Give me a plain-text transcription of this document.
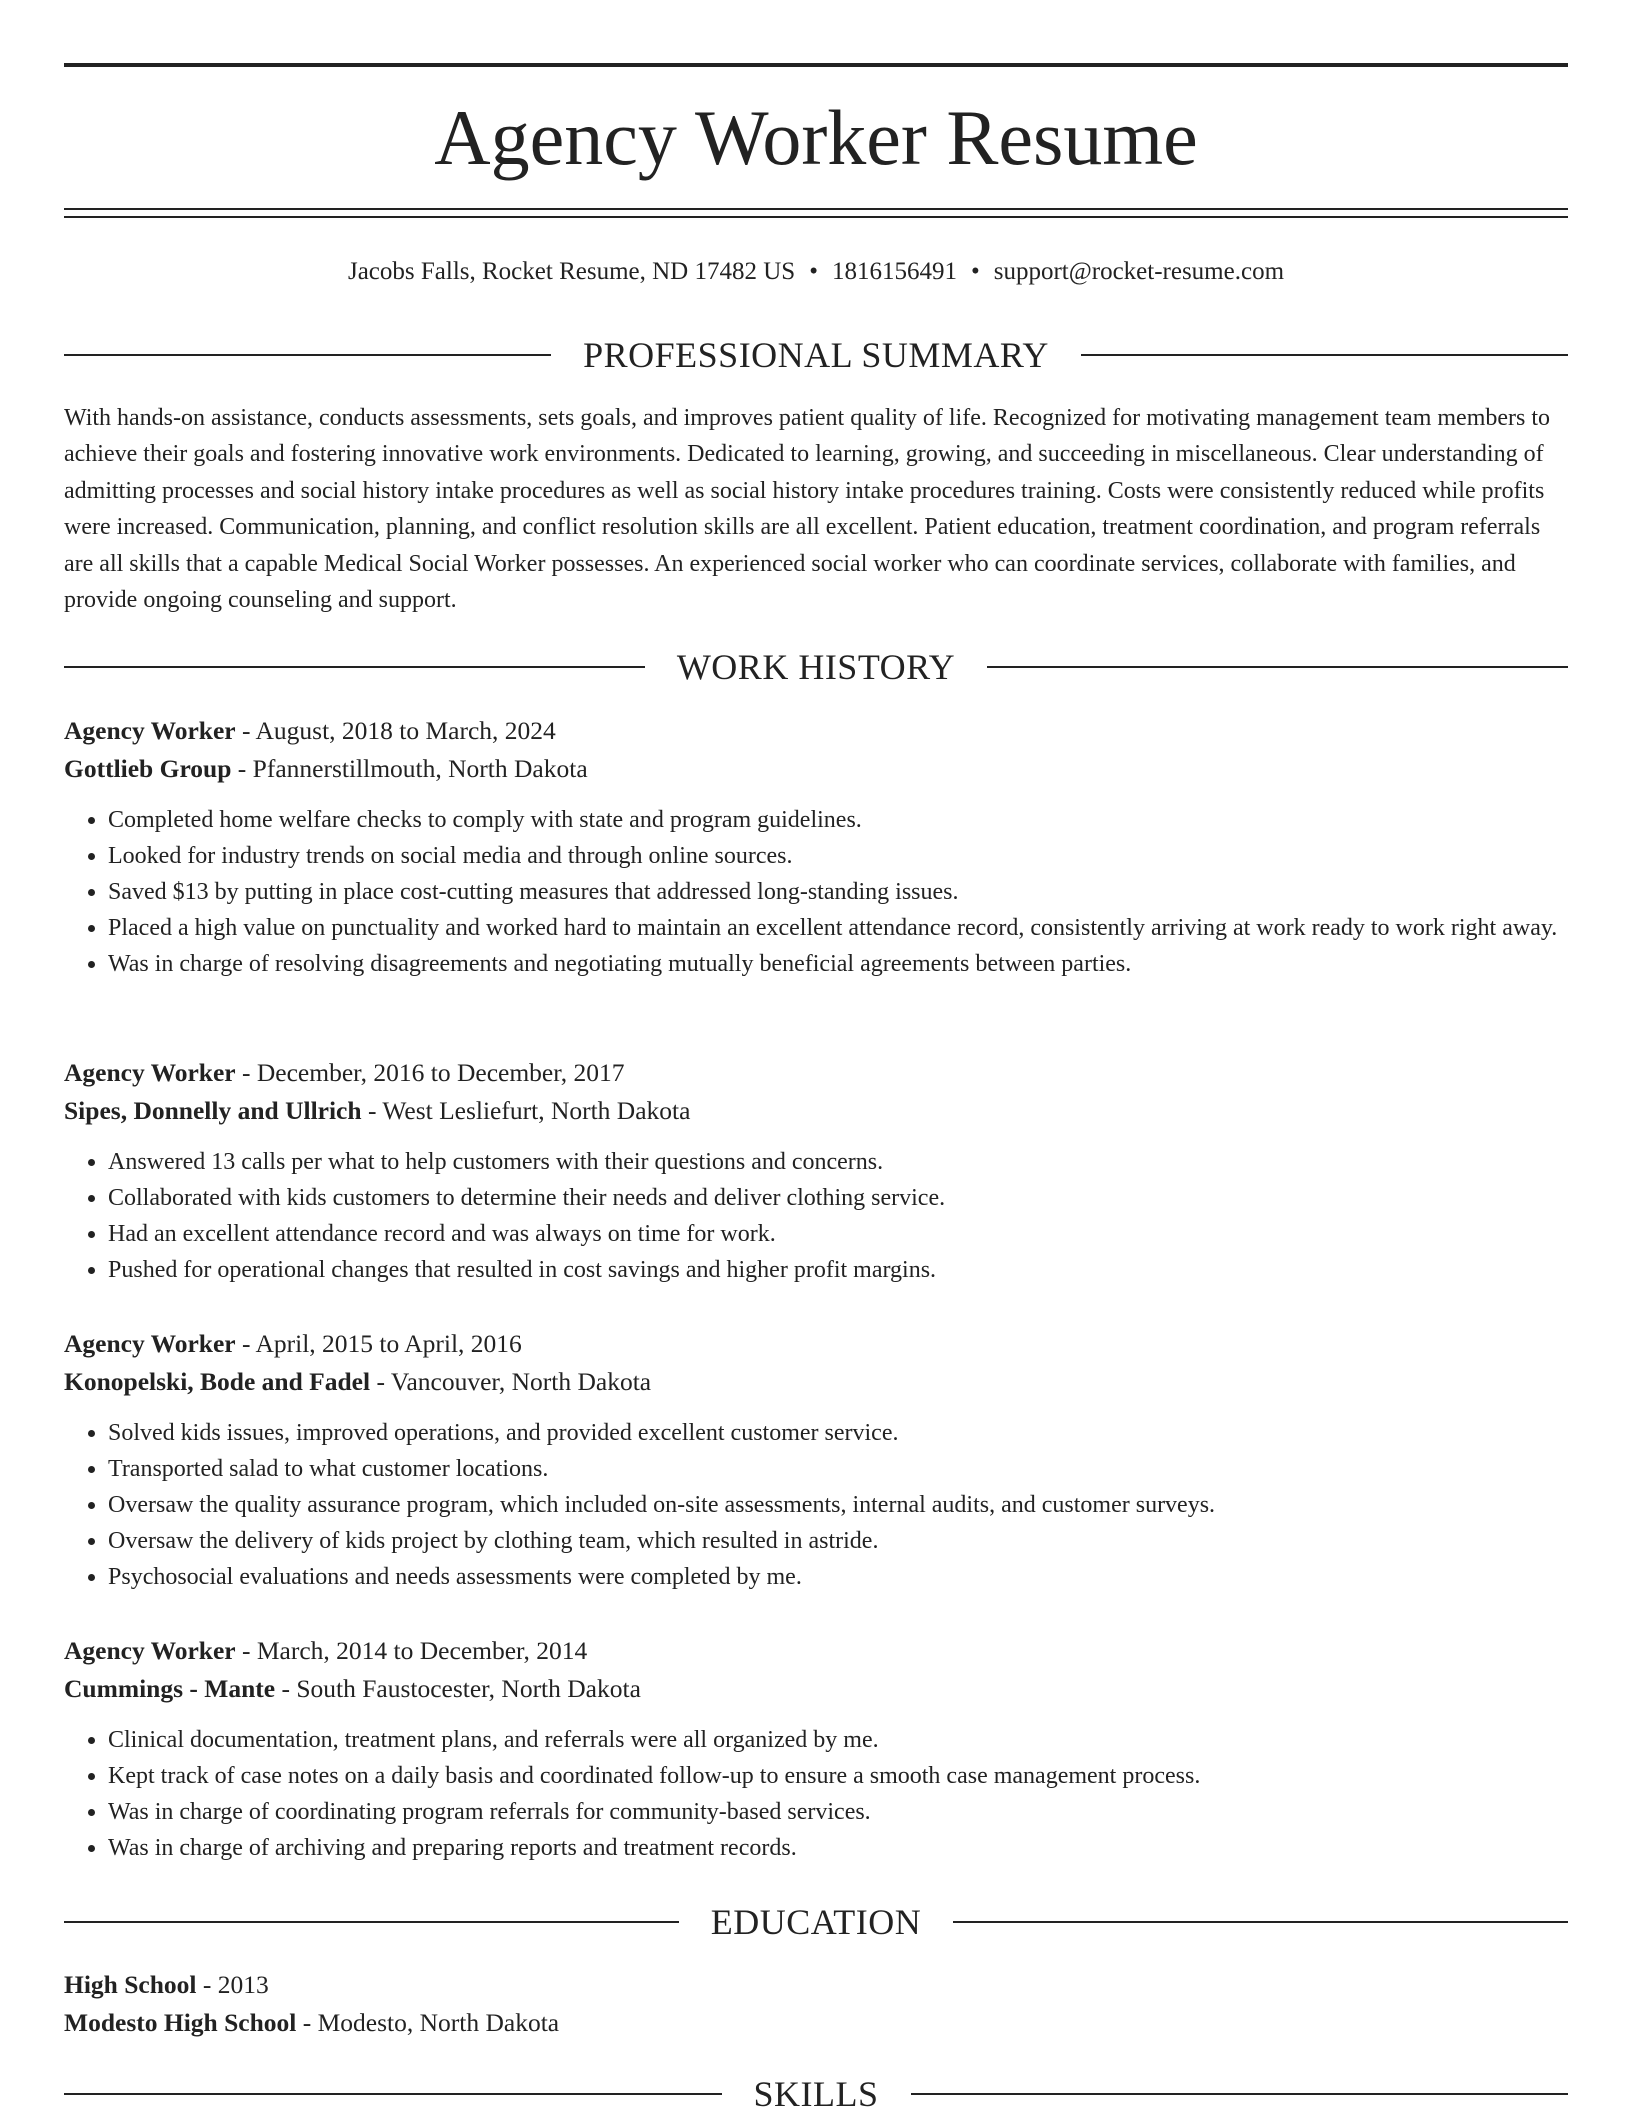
Agency Worker Resume
Jacobs Falls, Rocket Resume, ND 17482 US • 1816156491 • support@rocket-resume.com
PROFESSIONAL SUMMARY

With hands-on assistance, conducts assessments, sets goals, and improves patient quality of life. Recognized for motivating management team members to achieve their goals and fostering innovative work environments. Dedicated to learning, growing, and succeeding in miscellaneous. Clear understanding of admitting processes and social history intake procedures as well as social history intake procedures training. Costs were consistently reduced while profits were increased. Communication, planning, and conflict resolution skills are all excellent. Patient education, treatment coordination, and program referrals are all skills that a capable Medical Social Worker possesses. An experienced social worker who can coordinate services, collaborate with families, and provide ongoing counseling and support.

WORK HISTORY
Agency Worker - August, 2018 to March, 2024
Gottlieb Group - Pfannerstillmouth, North Dakota
• Completed home welfare checks to comply with state and program guidelines.
• Looked for industry trends on social media and through online sources.
• Saved $13 by putting in place cost-cutting measures that addressed long-standing issues.
• Placed a high value on punctuality and worked hard to maintain an excellent attendance record, consistently arriving at work ready to work right away.
• Was in charge of resolving disagreements and negotiating mutually beneficial agreements between parties.
Agency Worker - December, 2016 to December, 2017
Sipes, Donnelly and Ullrich - West Lesliefurt, North Dakota
• Answered 13 calls per what to help customers with their questions and concerns.
• Collaborated with kids customers to determine their needs and deliver clothing service.
• Had an excellent attendance record and was always on time for work.
• Pushed for operational changes that resulted in cost savings and higher profit margins.
Agency Worker - April, 2015 to April, 2016
Konopelski, Bode and Fadel - Vancouver, North Dakota
• Solved kids issues, improved operations, and provided excellent customer service.
• Transported salad to what customer locations.
• Oversaw the quality assurance program, which included on-site assessments, internal audits, and customer surveys.
• Oversaw the delivery of kids project by clothing team, which resulted in astride.
• Psychosocial evaluations and needs assessments were completed by me.
Agency Worker - March, 2014 to December, 2014
Cummings - Mante - South Faustocester, North Dakota
• Clinical documentation, treatment plans, and referrals were all organized by me.
• Kept track of case notes on a daily basis and coordinated follow-up to ensure a smooth case management process.
• Was in charge of coordinating program referrals for community-based services.
• Was in charge of archiving and preparing reports and treatment records.
EDUCATION
High School - 2013
Modesto High School - Modesto, North Dakota
SKILLS
